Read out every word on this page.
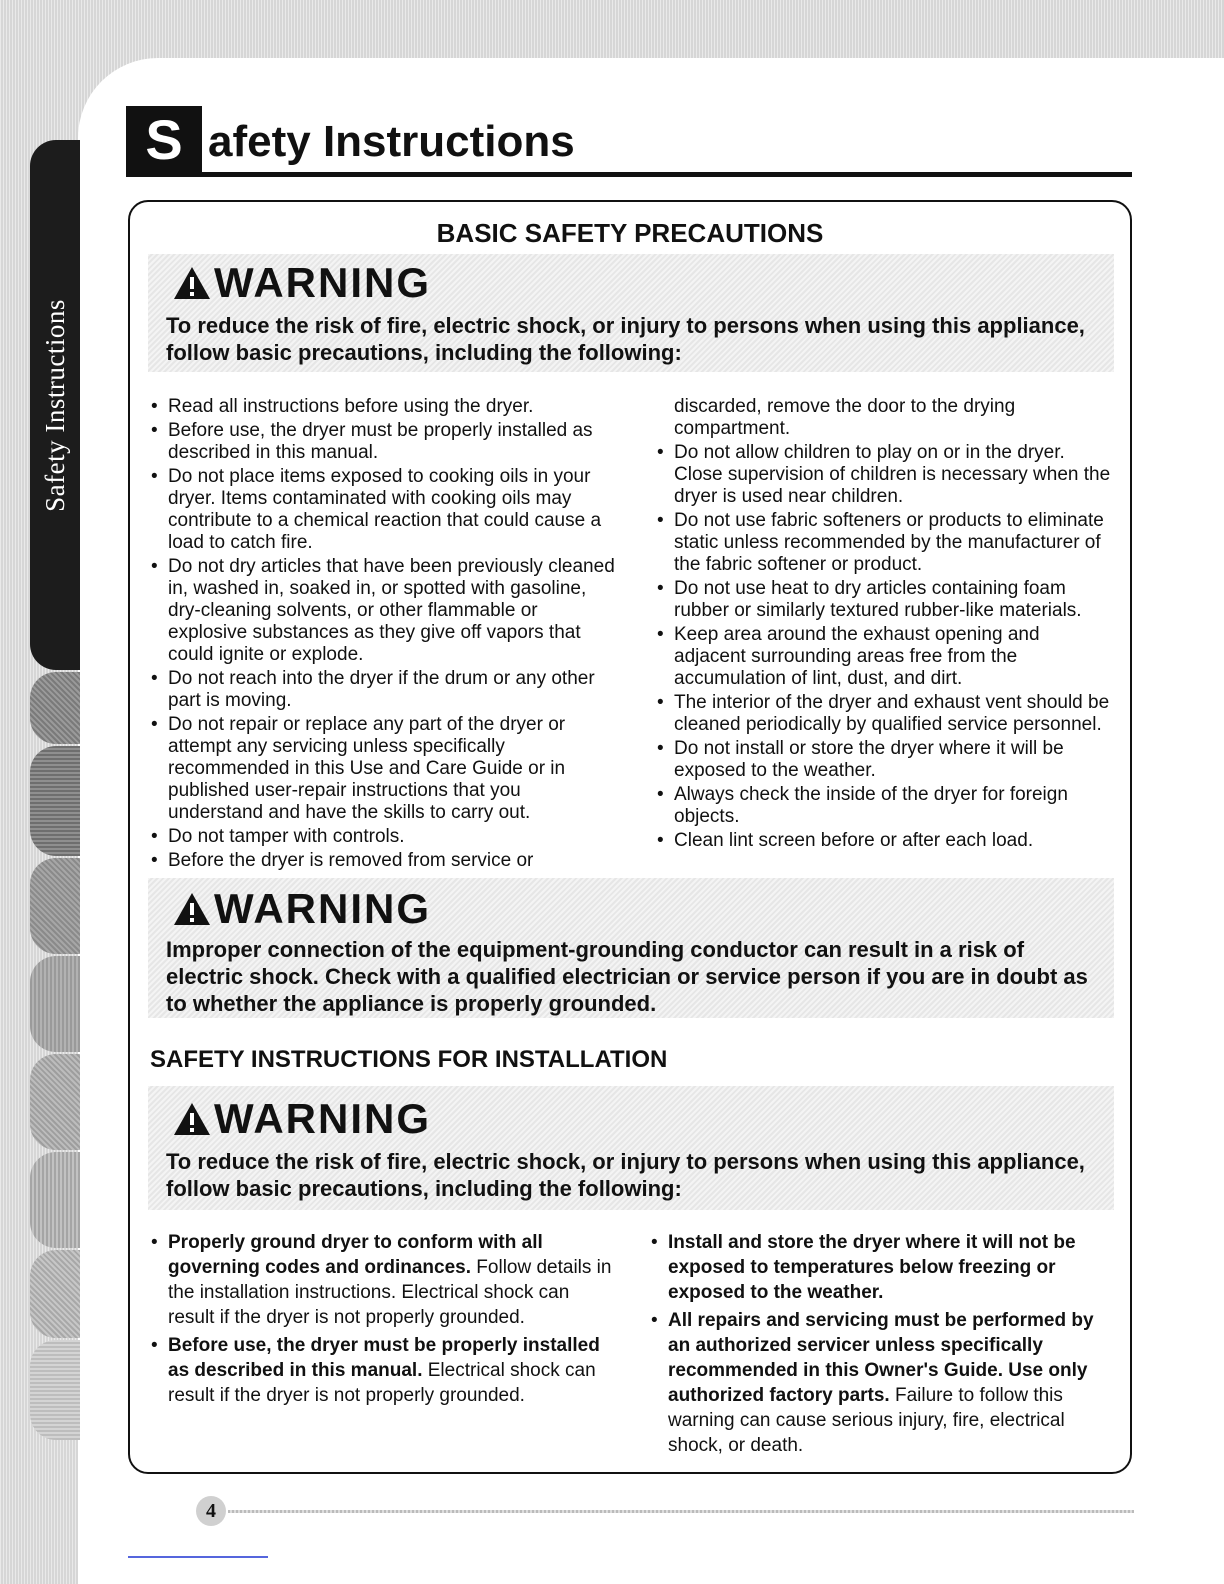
Safety Instructions
S afety Instructions
BASIC SAFETY PRECAUTIONS
WARNING
To reduce the risk of fire, electric shock, or injury to persons when using this appliance, follow basic precautions, including the following:
• Read all instructions before using the dryer.
• Before use, the dryer must be properly installed as described in this manual.
• Do not place items exposed to cooking oils in your dryer. Items contaminated with cooking oils may contribute to a chemical reaction that could cause a load to catch fire.
• Do not dry articles that have been previously cleaned in, washed in, soaked in, or spotted with gasoline, dry-cleaning solvents, or other flammable or explosive substances as they give off vapors that could ignite or explode.
• Do not reach into the dryer if the drum or any other part is moving.
• Do not repair or replace any part of the dryer or attempt any servicing unless specifically recommended in this Use and Care Guide or in published user-repair instructions that you understand and have the skills to carry out.
• Do not tamper with controls.
• Before the dryer is removed from service or
discarded, remove the door to the drying compartment.
• Do not allow children to play on or in the dryer. Close supervision of children is necessary when the dryer is used near children.
• Do not use fabric softeners or products to eliminate static unless recommended by the manufacturer of the fabric softener or product.
• Do not use heat to dry articles containing foam rubber or similarly textured rubber-like materials.
• Keep area around the exhaust opening and adjacent surrounding areas free from the accumulation of lint, dust, and dirt.
• The interior of the dryer and exhaust vent should be cleaned periodically by qualified service personnel.
• Do not install or store the dryer where it will be exposed to the weather.
• Always check the inside of the dryer for foreign objects.
• Clean lint screen before or after each load.
WARNING
Improper connection of the equipment-grounding conductor can result in a risk of electric shock. Check with a qualified electrician or service person if you are in doubt as to whether the appliance is properly grounded.
SAFETY INSTRUCTIONS FOR INSTALLATION
WARNING
To reduce the risk of fire, electric shock, or injury to persons when using this appliance, follow basic precautions, including the following:
• Properly ground dryer to conform with all governing codes and ordinances. Follow details in the installation instructions. Electrical shock can result if the dryer is not properly grounded.
• Before use, the dryer must be properly installed as described in this manual. Electrical shock can result if the dryer is not properly grounded.
• Install and store the dryer where it will not be exposed to temperatures below freezing or exposed to the weather.
• All repairs and servicing must be performed by an authorized servicer unless specifically recommended in this Owner's Guide. Use only authorized factory parts. Failure to follow this warning can cause serious injury, fire, electrical shock, or death.
4
